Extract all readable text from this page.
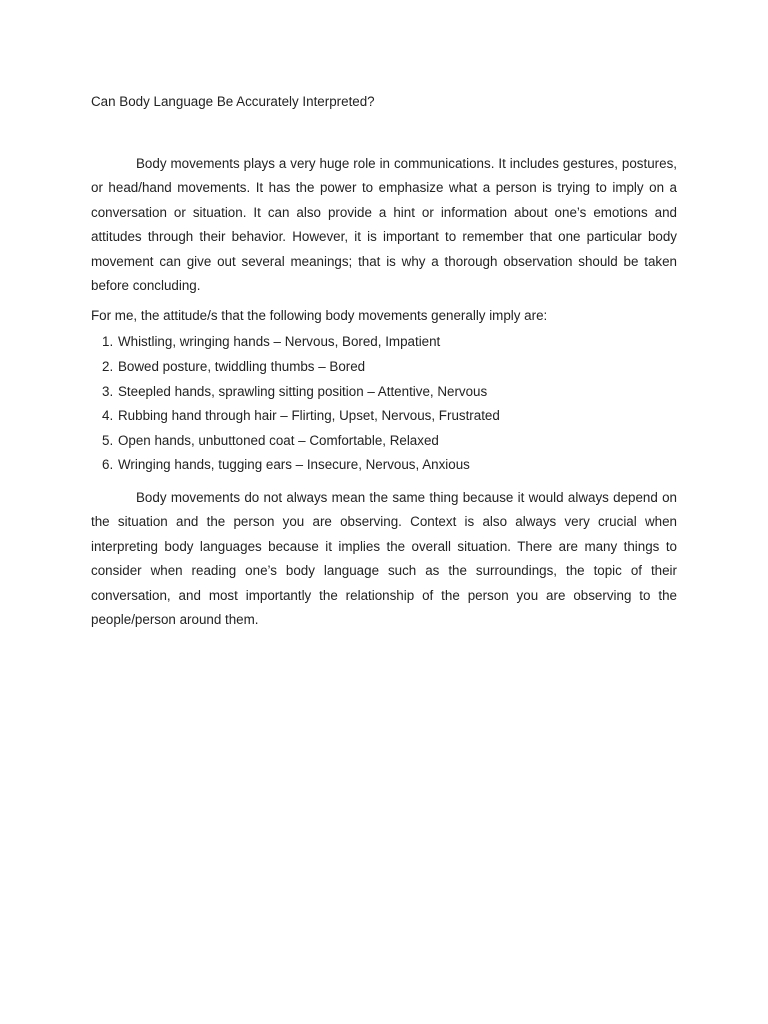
Can Body Language Be Accurately Interpreted?

Body movements plays a very huge role in communications. It includes gestures, postures, or head/hand movements. It has the power to emphasize what a person is trying to imply on a conversation or situation. It can also provide a hint or information about one’s emotions and attitudes through their behavior. However, it is important to remember that one particular body movement can give out several meanings; that is why a thorough observation should be taken before concluding.

For me, the attitude/s that the following body movements generally imply are:

1. Whistling, wringing hands – Nervous, Bored, Impatient
2. Bowed posture, twiddling thumbs – Bored
3. Steepled hands, sprawling sitting position – Attentive, Nervous
4. Rubbing hand through hair – Flirting, Upset, Nervous, Frustrated
5. Open hands, unbuttoned coat – Comfortable, Relaxed
6. Wringing hands, tugging ears – Insecure, Nervous, Anxious

Body movements do not always mean the same thing because it would always depend on the situation and the person you are observing. Context is also always very crucial when interpreting body languages because it implies the overall situation. There are many things to consider when reading one’s body language such as the surroundings, the topic of their conversation, and most importantly the relationship of the person you are observing to the people/person around them.
